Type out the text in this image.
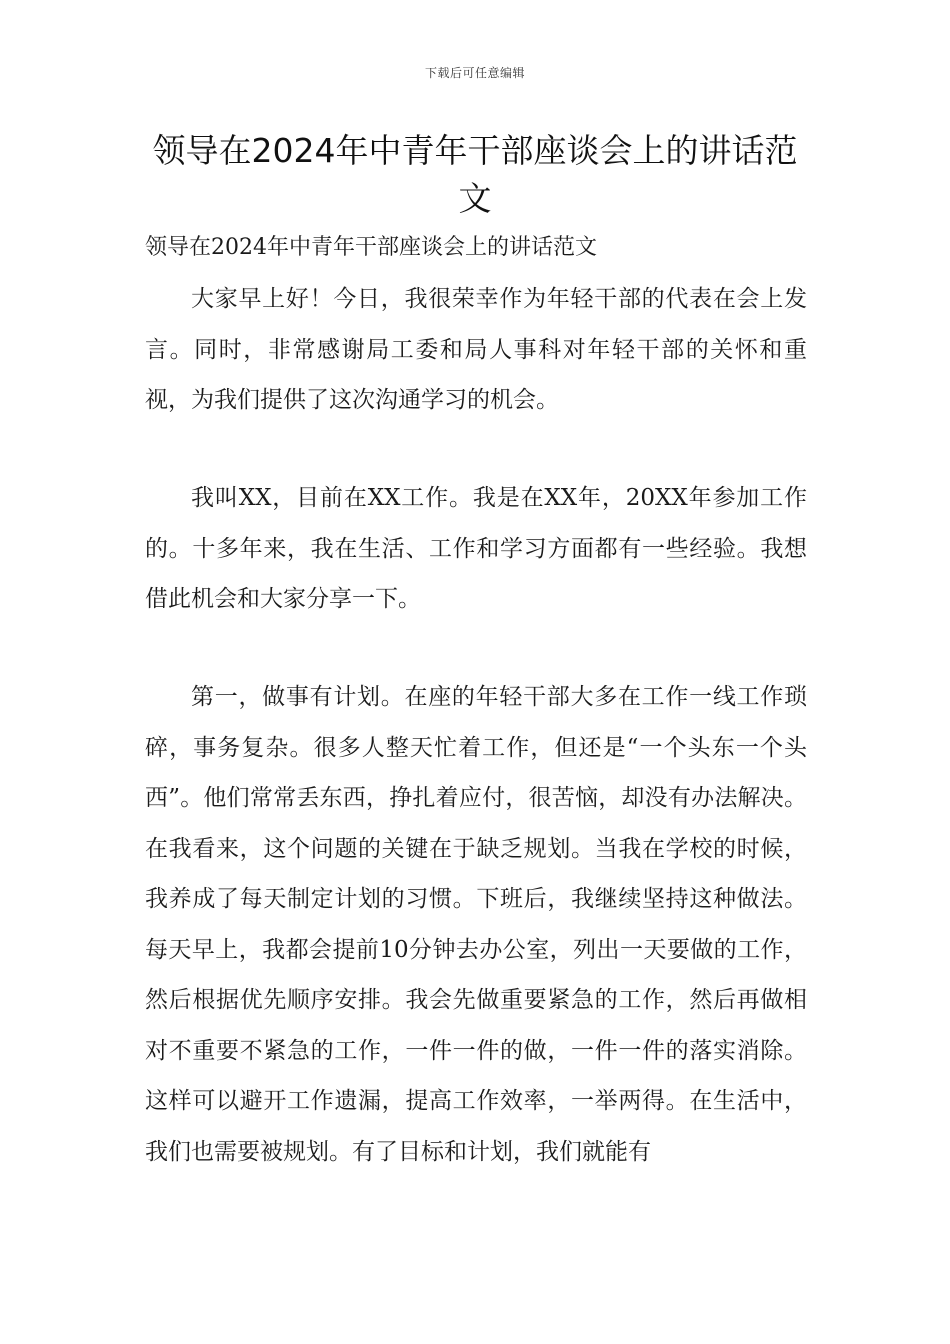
下载后可任意编辑
领导在2024年中青年干部座谈会上的讲话范文
领导在2024年中青年干部座谈会上的讲话范文

大家早上好！今日，我很荣幸作为年轻干部的代表在会上发言。同时，非常感谢局工委和局人事科对年轻干部的关怀和重视，为我们提供了这次沟通学习的机会。

我叫XX，目前在XX工作。我是在XX年，20XX年参加工作的。十多年来，我在生活、工作和学习方面都有一些经验。我想借此机会和大家分享一下。

第一，做事有计划。在座的年轻干部大多在工作一线工作琐碎，事务复杂。很多人整天忙着工作，但还是“一个头东一个头西”。他们常常丢东西，挣扎着应付，很苦恼，却没有办法解决。在我看来，这个问题的关键在于缺乏规划。当我在学校的时候，我养成了每天制定计划的习惯。下班后，我继续坚持这种做法。每天早上，我都会提前10分钟去办公室，列出一天要做的工作，然后根据优先顺序安排。我会先做重要紧急的工作，然后再做相对不重要不紧急的工作，一件一件的做，一件一件的落实消除。这样可以避开工作遗漏，提高工作效率，一举两得。在生活中，我们也需要被规划。有了目标和计划，我们就能有
